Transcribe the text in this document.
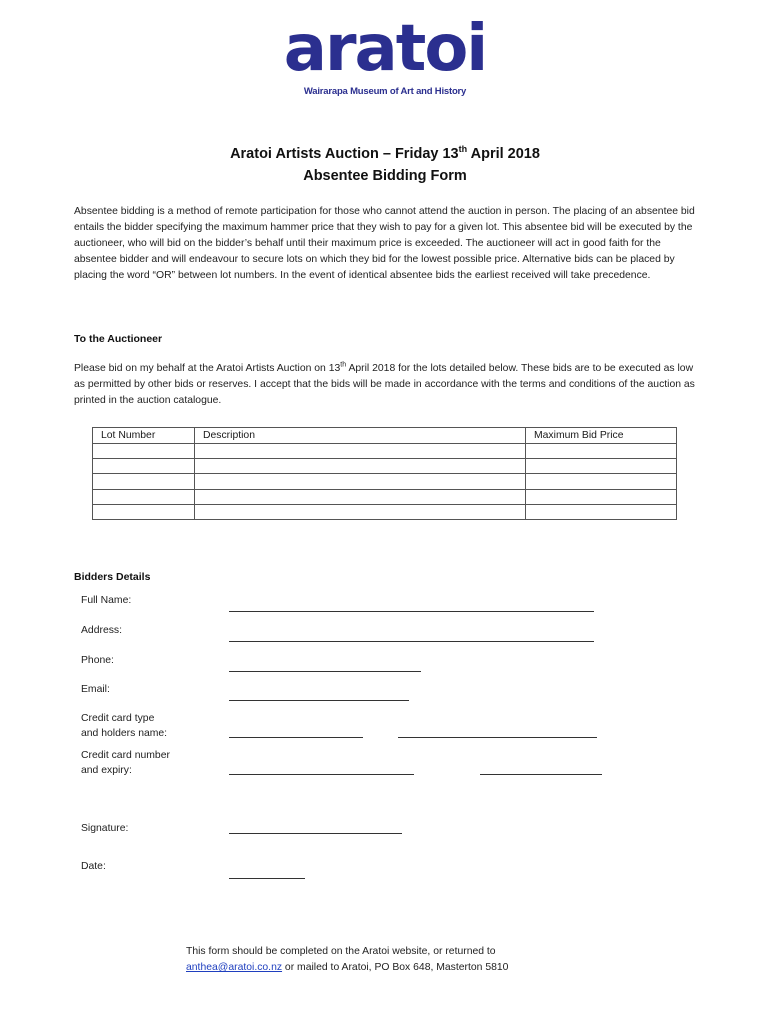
aratoi
Wairarapa Museum of Art and History
Aratoi Artists Auction – Friday 13th April 2018
Absentee Bidding Form
Absentee bidding is a method of remote participation for those who cannot attend the auction in person. The placing of an absentee bid entails the bidder specifying the maximum hammer price that they wish to pay for a given lot. This absentee bid will be executed by the auctioneer, who will bid on the bidder’s behalf until their maximum price is exceeded. The auctioneer will act in good faith for the absentee bidder and will endeavour to secure lots on which they bid for the lowest possible price. Alternative bids can be placed by placing the word “OR” between lot numbers. In the event of identical absentee bids the earliest received will take precedence.
To the Auctioneer
Please bid on my behalf at the Aratoi Artists Auction on 13th April 2018 for the lots detailed below. These bids are to be executed as low as permitted by other bids or reserves. I accept that the bids will be made in accordance with the terms and conditions of the auction as printed in the auction catalogue.
Lot Number	Description	Maximum Bid Price

Bidders Details
Full Name:
Address:
Phone:
Email:
Credit card type
and holders name:
Credit card number
and expiry:
Signature:
Date:
This form should be completed on the Aratoi website, or returned to
anthea@aratoi.co.nz or mailed to Aratoi, PO Box 648, Masterton 5810
